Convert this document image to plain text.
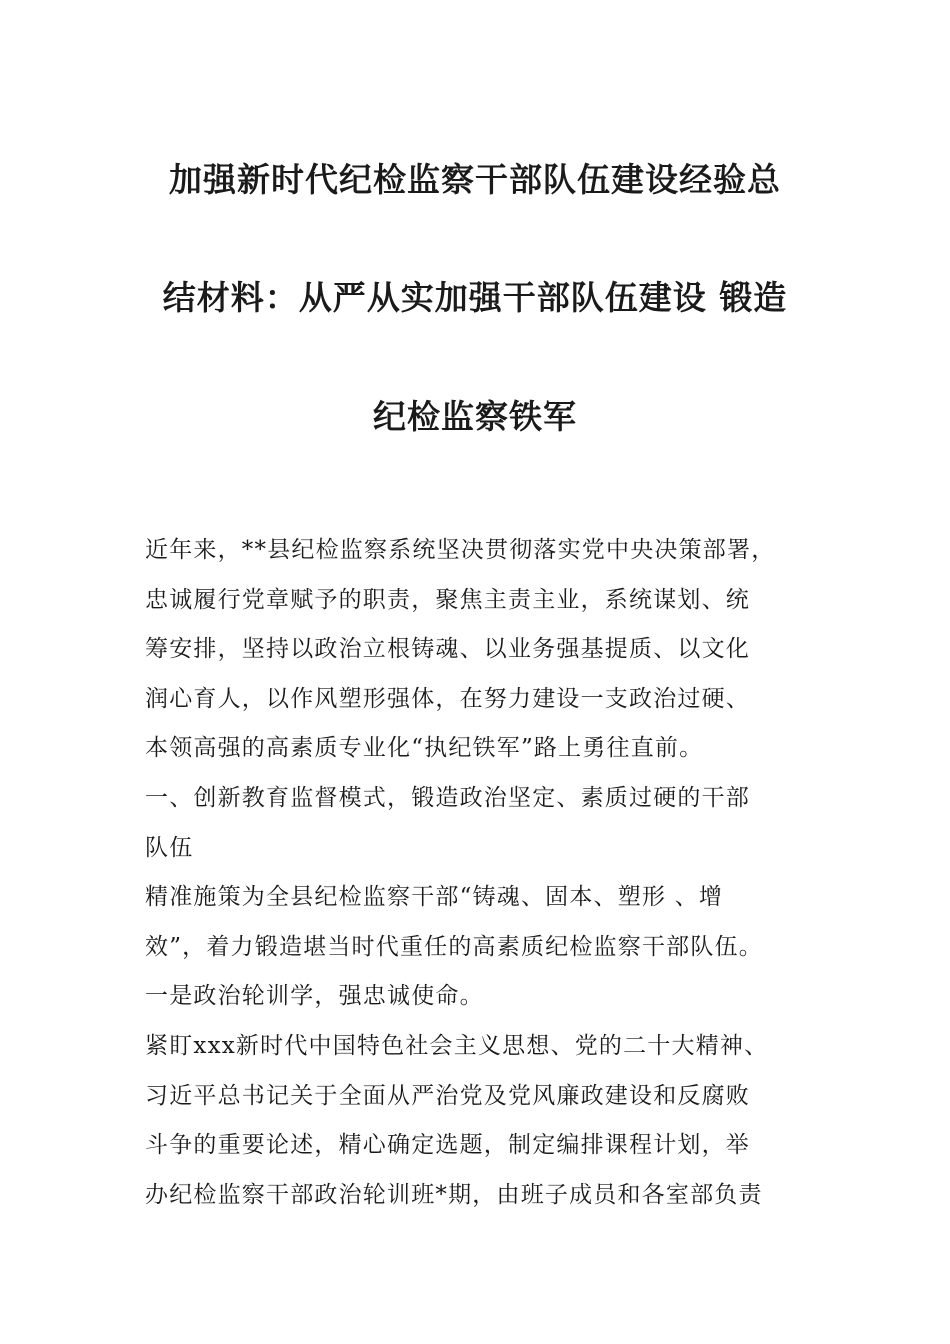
加强新时代纪检监察干部队伍建设经验总
结材料：从严从实加强干部队伍建设 锻造
纪检监察铁军
近年来，**县纪检监察系统坚决贯彻落实党中央决策部署，
忠诚履行党章赋予的职责，聚焦主责主业，系统谋划、统
筹安排，坚持以政治立根铸魂、以业务强基提质、以文化
润心育人，以作风塑形强体，在努力建设一支政治过硬、
本领高强的高素质专业化“执纪铁军”路上勇往直前。
一、创新教育监督模式，锻造政治坚定、素质过硬的干部
队伍
精准施策为全县纪检监察干部“铸魂、固本、塑形 、增
效”，着力锻造堪当时代重任的高素质纪检监察干部队伍。
一是政治轮训学，强忠诚使命。
紧盯xxx新时代中国特色社会主义思想、党的二十大精神、
习近平总书记关于全面从严治党及党风廉政建设和反腐败
斗争的重要论述，精心确定选题，制定编排课程计划，举
办纪检监察干部政治轮训班*期，由班子成员和各室部负责
